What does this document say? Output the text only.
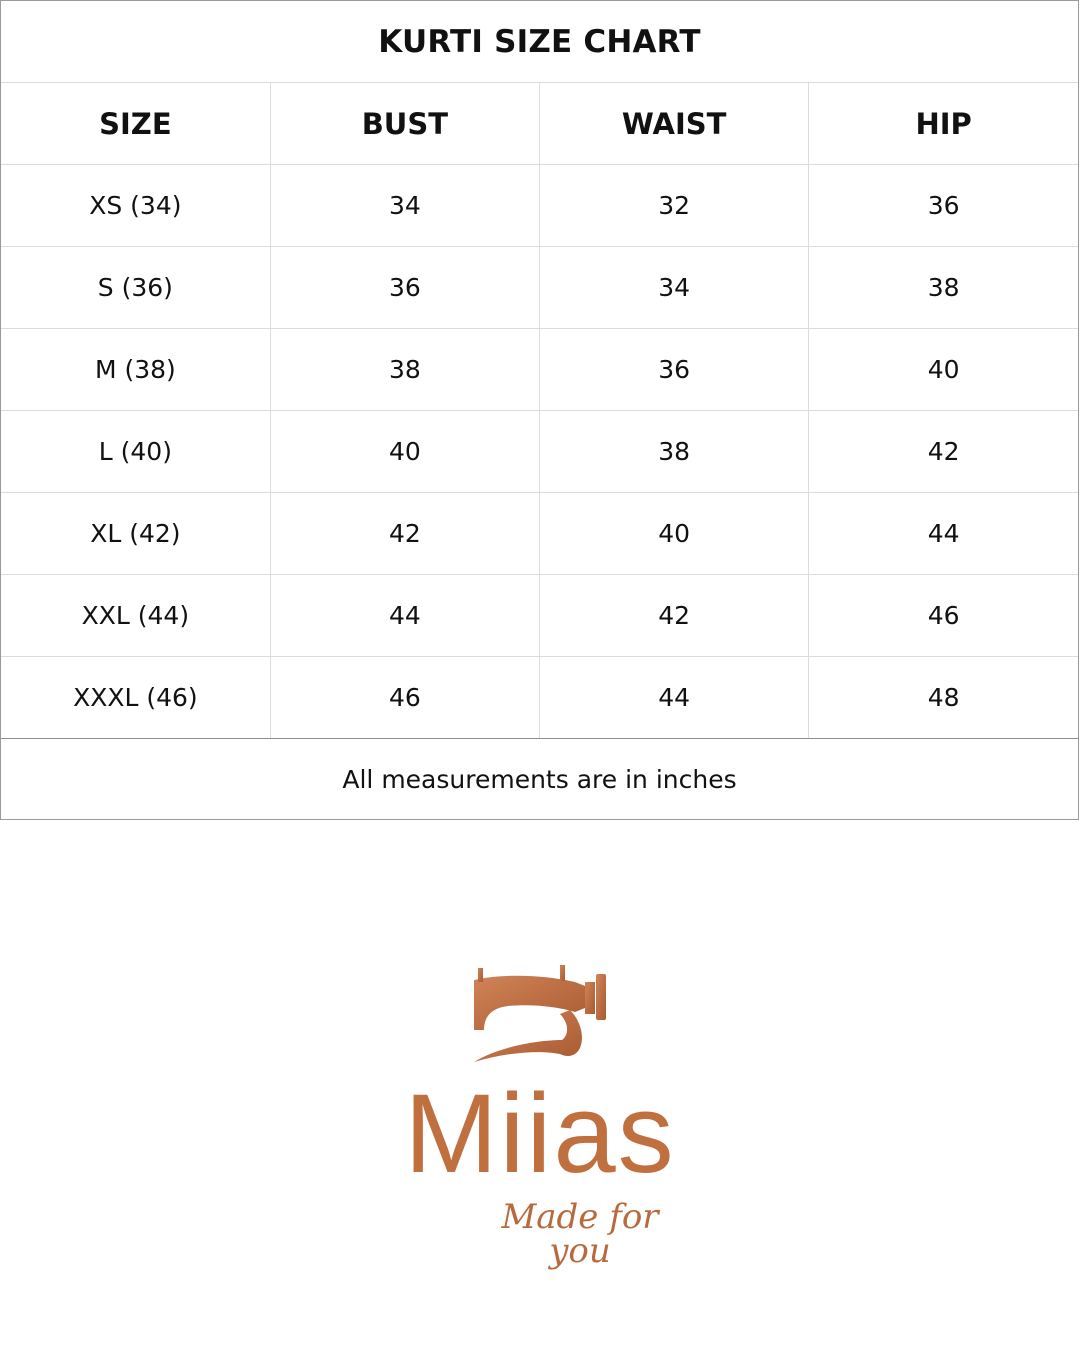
KURTI SIZE CHART
SIZE	BUST	WAIST	HIP
XS (34)	34	32	36
S (36)	36	34	38
M (38)	38	36	40
L (40)	40	38	42
XL (42)	42	40	44
XXL (44)	44	42	46
XXXL (46)	46	44	48
All measurements are in inches
Miias
Made for you
